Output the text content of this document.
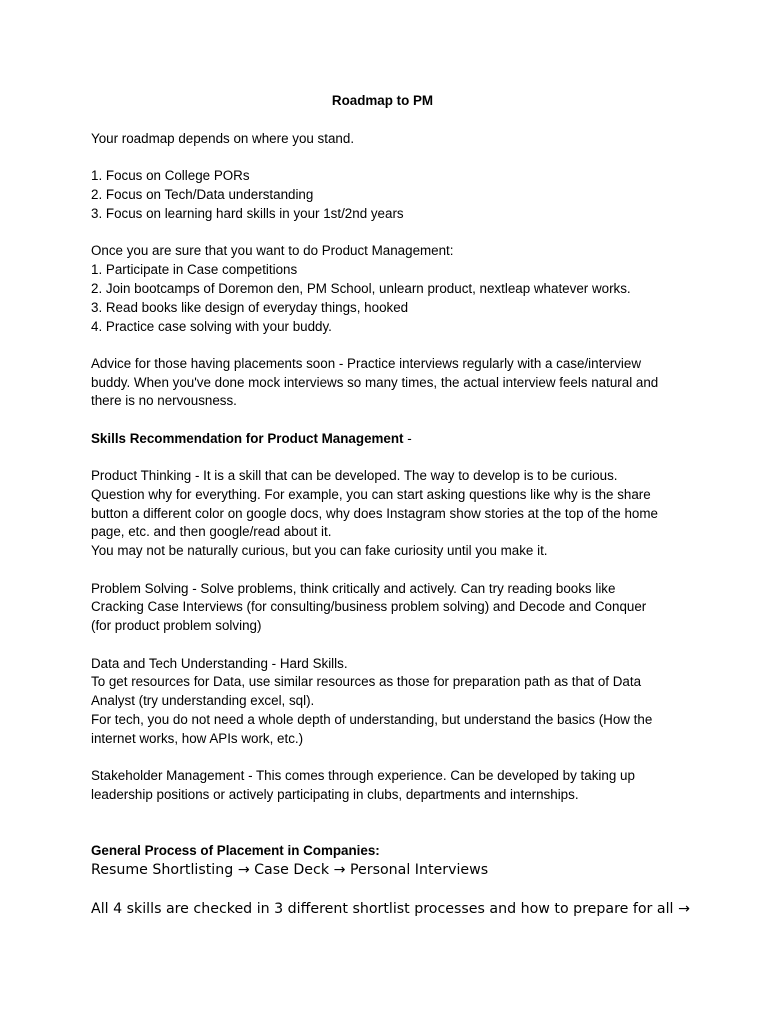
Roadmap to PM
Your roadmap depends on where you stand.
1. Focus on College PORs
2. Focus on Tech/Data understanding
3. Focus on learning hard skills in your 1st/2nd years
Once you are sure that you want to do Product Management:
1. Participate in Case competitions
2. Join bootcamps of Doremon den, PM School, unlearn product, nextleap whatever works.
3. Read books like design of everyday things, hooked
4. Practice case solving with your buddy.
Advice for those having placements soon - Practice interviews regularly with a case/interview
buddy. When you've done mock interviews so many times, the actual interview feels natural and
there is no nervousness.
Skills Recommendation for Product Management -
Product Thinking - It is a skill that can be developed. The way to develop is to be curious.
Question why for everything. For example, you can start asking questions like why is the share
button a different color on google docs, why does Instagram show stories at the top of the home
page, etc. and then google/read about it.
You may not be naturally curious, but you can fake curiosity until you make it.
Problem Solving - Solve problems, think critically and actively. Can try reading books like
Cracking Case Interviews (for consulting/business problem solving) and Decode and Conquer
(for product problem solving)
Data and Tech Understanding - Hard Skills.
To get resources for Data, use similar resources as those for preparation path as that of Data
Analyst (try understanding excel, sql).
For tech, you do not need a whole depth of understanding, but understand the basics (How the
internet works, how APIs work, etc.)
Stakeholder Management - This comes through experience. Can be developed by taking up
leadership positions or actively participating in clubs, departments and internships.
General Process of Placement in Companies:
Resume Shortlisting → Case Deck → Personal Interviews
All 4 skills are checked in 3 different shortlist processes and how to prepare for all →
